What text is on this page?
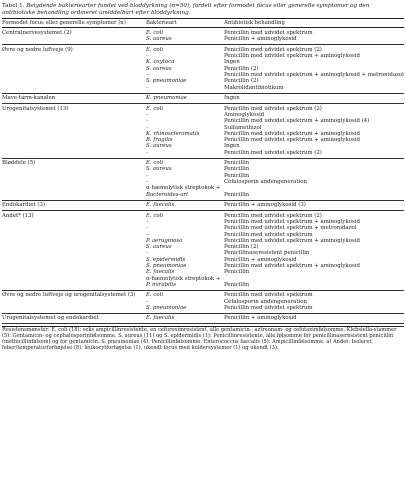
Tabel 1. Betydende bakteriearter fundet ved bloddyrkning (n=50), fordelt efter formodet focus eller generelle symptomer og den antibiotiske behandling ordineret umiddelbart efter bloddyrkning.

Formodet focus eller generelle symptomer (n)	Bakterieart	Antibiotisk behandling
Centralnervesystemet (2)	E. coli	Penicillin med udvidet spektrum
	S. aureus	Penicillin + aminoglykosid
Øvre og nedre luftveje (9)	E. coli	Penicillin med udvidet spektrum (2)
	–	Penicillin med udvidet spektrum + aminoglykosid
	K. oxytoca	Ingen
	S. aureus	Penicillin (2)
	–	Penicillin med udvidet spektrum + aminoglykosid + metronidazol
	S. pneumoniae	Penicillin (2)
	–	Makrolidantibiotikum
Mave-tarm-kanalen	K. pneumoniae	Ingen
Urogenitalsystemet (13)	E. coli	Penicillin med udvidet spektrum (2)
	–	Aminoglykosid
	–	Penicillin med udvidet spektrum + aminoglykosid (4)
	–	Sulfamethizol
	K. rhinoscleromatis	Penicillin med udvidet spektrum + aminoglykosid
	B. fragilis	Penicillin med udvidet spektrum + aminoglykosid
	S. aureus	Ingen
	–	Penicillin med udvidet spektrum (2)
Bløddele (5)	E. coli	Penicillin
	S. aureus	Penicillin
	–	Penicillin
	–	Cefalosporin andengeneration
	α-hæmolytisk streptokok +	
	Bacteroides-art	Penicillin
Endokardiet (3)	E. faecalis	Penicillin + aminoglykosid (3)
Andet* (13)	E. coli	Penicillin med udvidet spektrum (2)
	–	Penicillin med udvidet spektrum + aminoglykosid
	–	Penicillin med udvidet spektrum + metronidazol
	–	Penicillin med udvidet spektrum
	P. aeruginosa	Penicillin med udvidet spektrum + aminoglykosid
	S. aureus	Penicillin (2)
	–	Penicillinaseresistent penicillin
	S. epidermidis	Penicillin + aminoglykosid
	S. pneumoniae	Penicillin med udvidet spektrum + aminoglykosid
	E. faecalis	Penicillin
	α-hæmolytisk streptokok +	
	P. mirabilis	Penicillin
Øvre og nedre luftveje og urogenitalsystemet (3)	E. coli	Penicillin med udvidet spektrum
	–	Cefalosporin andengeneration
	S. pneumoniae	Penicillin med udvidet spektrum
Urogenitalsystemet og endokardiet	E. faecalis	Penicillin + aminoglykosid
Resistensmønster: E. coli (18): seks ampicillinresistente, en cefuroximresistent, alle gentamicin-, aztreonam- og cefotaximfølsomme. Klebsiella-stammer (5): Gentamicin- og cephalosporinfølsomme. S. aureus (11) og S. epidermidis (1): Penicillinresistente, alle følsomme for penicillinaseresistent penicillin (methicillinfølsom) og for gentamicin. S. pneumoniae (4): Penicillinfølsomme. Enterococcus faecalis (5): Ampicillinfølsomme. a) Andet: Isoleret feber/temperaturforhøjelse (8), leukocytforhøjelse (1), ukendt focus med kuldersystemer (1) og ukendt (3).
